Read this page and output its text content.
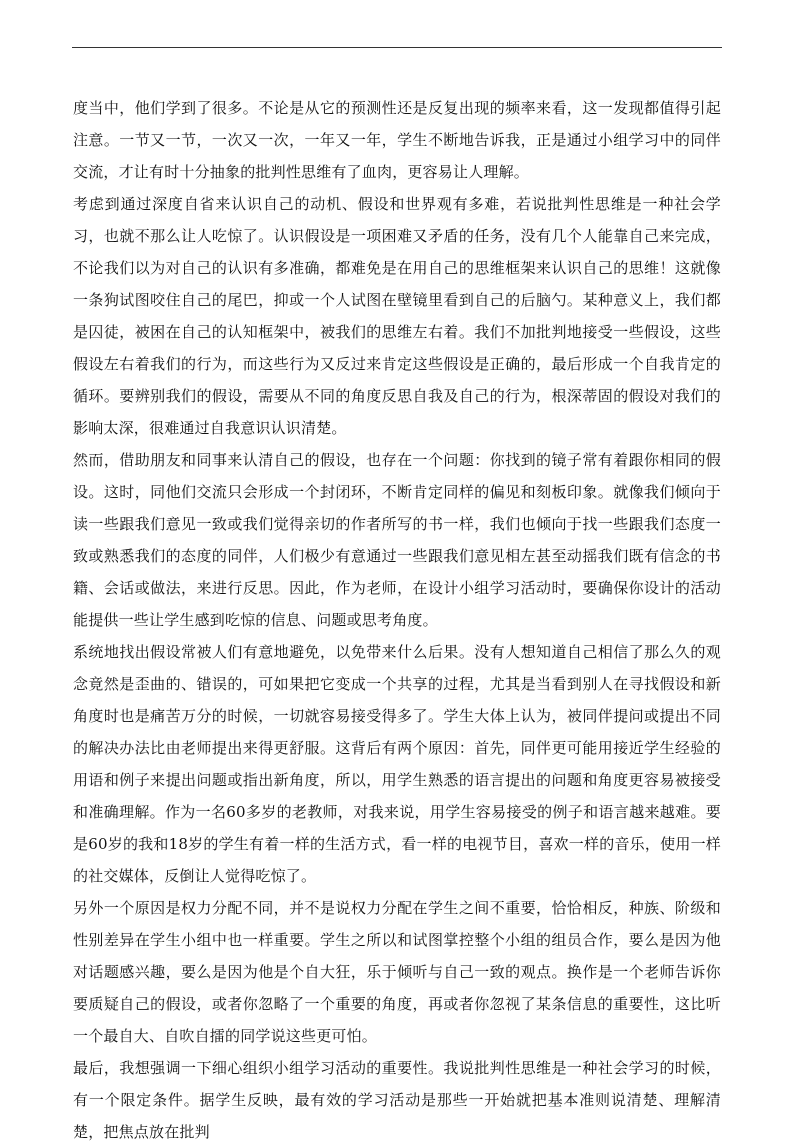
度当中，他们学到了很多。不论是从它的预测性还是反复出现的频率来看，这一发现都值得引起注意。一节又一节，一次又一次，一年又一年，学生不断地告诉我，正是通过小组学习中的同伴交流，才让有时十分抽象的批判性思维有了血肉，更容易让人理解。

考虑到通过深度自省来认识自己的动机、假设和世界观有多难，若说批判性思维是一种社会学习，也就不那么让人吃惊了。认识假设是一项困难又矛盾的任务，没有几个人能靠自己来完成，不论我们以为对自己的认识有多准确，都难免是在用自己的思维框架来认识自己的思维！这就像一条狗试图咬住自己的尾巴，抑或一个人试图在壁镜里看到自己的后脑勺。某种意义上，我们都是囚徒，被困在自己的认知框架中，被我们的思维左右着。我们不加批判地接受一些假设，这些假设左右着我们的行为，而这些行为又反过来肯定这些假设是正确的，最后形成一个自我肯定的循环。要辨别我们的假设，需要从不同的角度反思自我及自己的行为，根深蒂固的假设对我们的影响太深，很难通过自我意识认识清楚。

然而，借助朋友和同事来认清自己的假设，也存在一个问题：你找到的镜子常有着跟你相同的假设。这时，同他们交流只会形成一个封闭环，不断肯定同样的偏见和刻板印象。就像我们倾向于读一些跟我们意见一致或我们觉得亲切的作者所写的书一样，我们也倾向于找一些跟我们态度一致或熟悉我们的态度的同伴，人们极少有意通过一些跟我们意见相左甚至动摇我们既有信念的书籍、会话或做法，来进行反思。因此，作为老师，在设计小组学习活动时，要确保你设计的活动能提供一些让学生感到吃惊的信息、问题或思考角度。

系统地找出假设常被人们有意地避免，以免带来什么后果。没有人想知道自己相信了那么久的观念竟然是歪曲的、错误的，可如果把它变成一个共享的过程，尤其是当看到别人在寻找假设和新角度时也是痛苦万分的时候，一切就容易接受得多了。学生大体上认为，被同伴提问或提出不同的解决办法比由老师提出来得更舒服。这背后有两个原因：首先，同伴更可能用接近学生经验的用语和例子来提出问题或指出新角度，所以，用学生熟悉的语言提出的问题和角度更容易被接受和准确理解。作为一名60多岁的老教师，对我来说，用学生容易接受的例子和语言越来越难。要是60岁的我和18岁的学生有着一样的生活方式，看一样的电视节目，喜欢一样的音乐，使用一样的社交媒体，反倒让人觉得吃惊了。

另外一个原因是权力分配不同，并不是说权力分配在学生之间不重要，恰恰相反，种族、阶级和性别差异在学生小组中也一样重要。学生之所以和试图掌控整个小组的组员合作，要么是因为他对话题感兴趣，要么是因为他是个自大狂，乐于倾听与自己一致的观点。换作是一个老师告诉你要质疑自己的假设，或者你忽略了一个重要的角度，再或者你忽视了某条信息的重要性，这比听一个最自大、自吹自擂的同学说这些更可怕。

最后，我想强调一下细心组织小组学习活动的重要性。我说批判性思维是一种社会学习的时候，有一个限定条件。据学生反映，最有效的学习活动是那些一开始就把基本准则说清楚、理解清楚，把焦点放在批判
